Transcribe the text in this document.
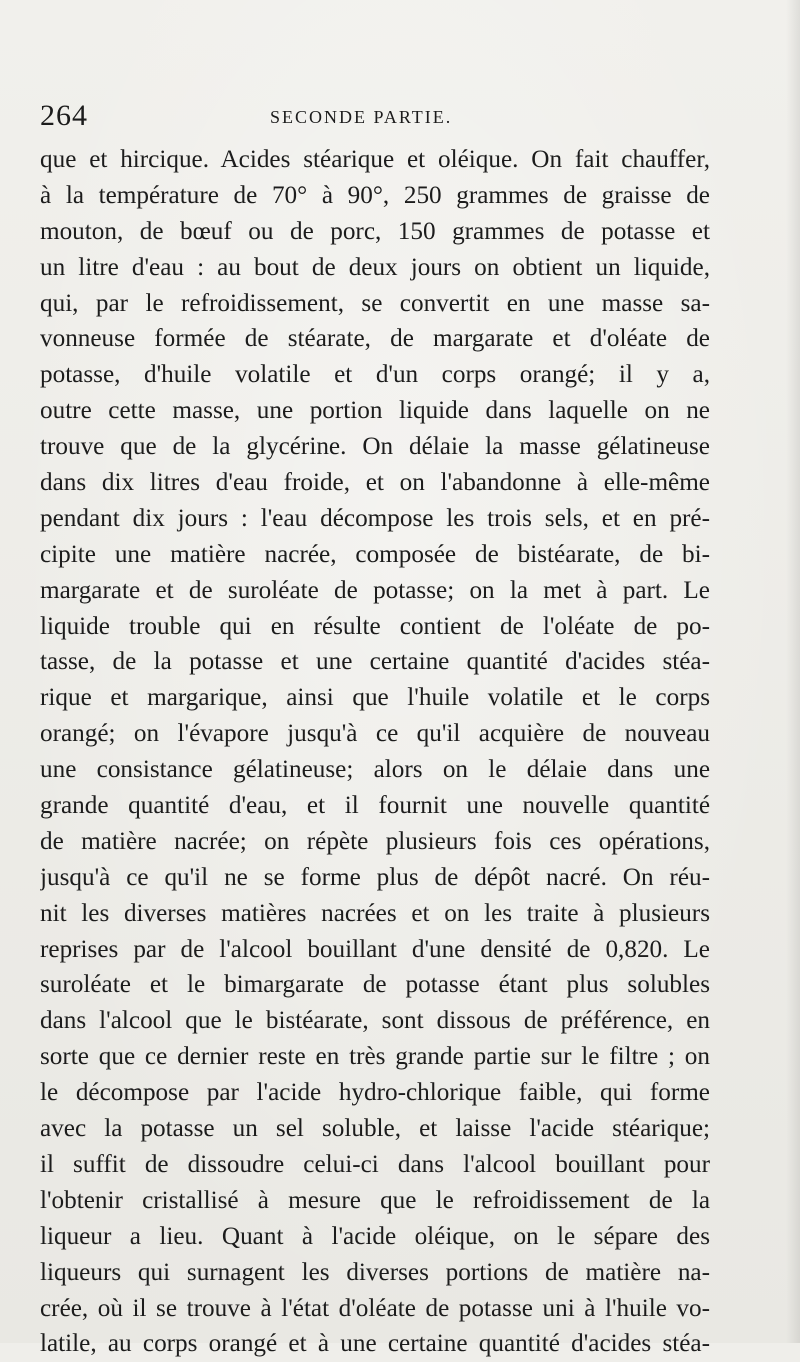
264	SECONDE PARTIE.
que et hircique. Acides stéarique et oléique. On fait chauffer,
à la température de 70° à 90°, 250 grammes de graisse de
mouton, de bœuf ou de porc, 150 grammes de potasse et
un litre d'eau : au bout de deux jours on obtient un liquide,
qui, par le refroidissement, se convertit en une masse sa-
vonneuse formée de stéarate, de margarate et d'oléate de
potasse, d'huile volatile et d'un corps orangé; il y a,
outre cette masse, une portion liquide dans laquelle on ne
trouve que de la glycérine. On délaie la masse gélatineuse
dans dix litres d'eau froide, et on l'abandonne à elle-même
pendant dix jours : l'eau décompose les trois sels, et en pré-
cipite une matière nacrée, composée de bistéarate, de bi-
margarate et de suroléate de potasse; on la met à part. Le
liquide trouble qui en résulte contient de l'oléate de po-
tasse, de la potasse et une certaine quantité d'acides stéa-
rique et margarique, ainsi que l'huile volatile et le corps
orangé; on l'évapore jusqu'à ce qu'il acquière de nouveau
une consistance gélatineuse; alors on le délaie dans une
grande quantité d'eau, et il fournit une nouvelle quantité
de matière nacrée; on répète plusieurs fois ces opérations,
jusqu'à ce qu'il ne se forme plus de dépôt nacré. On réu-
nit les diverses matières nacrées et on les traite à plusieurs
reprises par de l'alcool bouillant d'une densité de 0,820. Le
suroléate et le bimargarate de potasse étant plus solubles
dans l'alcool que le bistéarate, sont dissous de préférence, en
sorte que ce dernier reste en très grande partie sur le filtre ; on
le décompose par l'acide hydro-chlorique faible, qui forme
avec la potasse un sel soluble, et laisse l'acide stéarique;
il suffit de dissoudre celui-ci dans l'alcool bouillant pour
l'obtenir cristallisé à mesure que le refroidissement de la
liqueur a lieu. Quant à l'acide oléique, on le sépare des
liqueurs qui surnagent les diverses portions de matière na-
crée, où il se trouve à l'état d'oléate de potasse uni à l'huile vo-
latile, au corps orangé et à une certaine quantité d'acides stéa-
